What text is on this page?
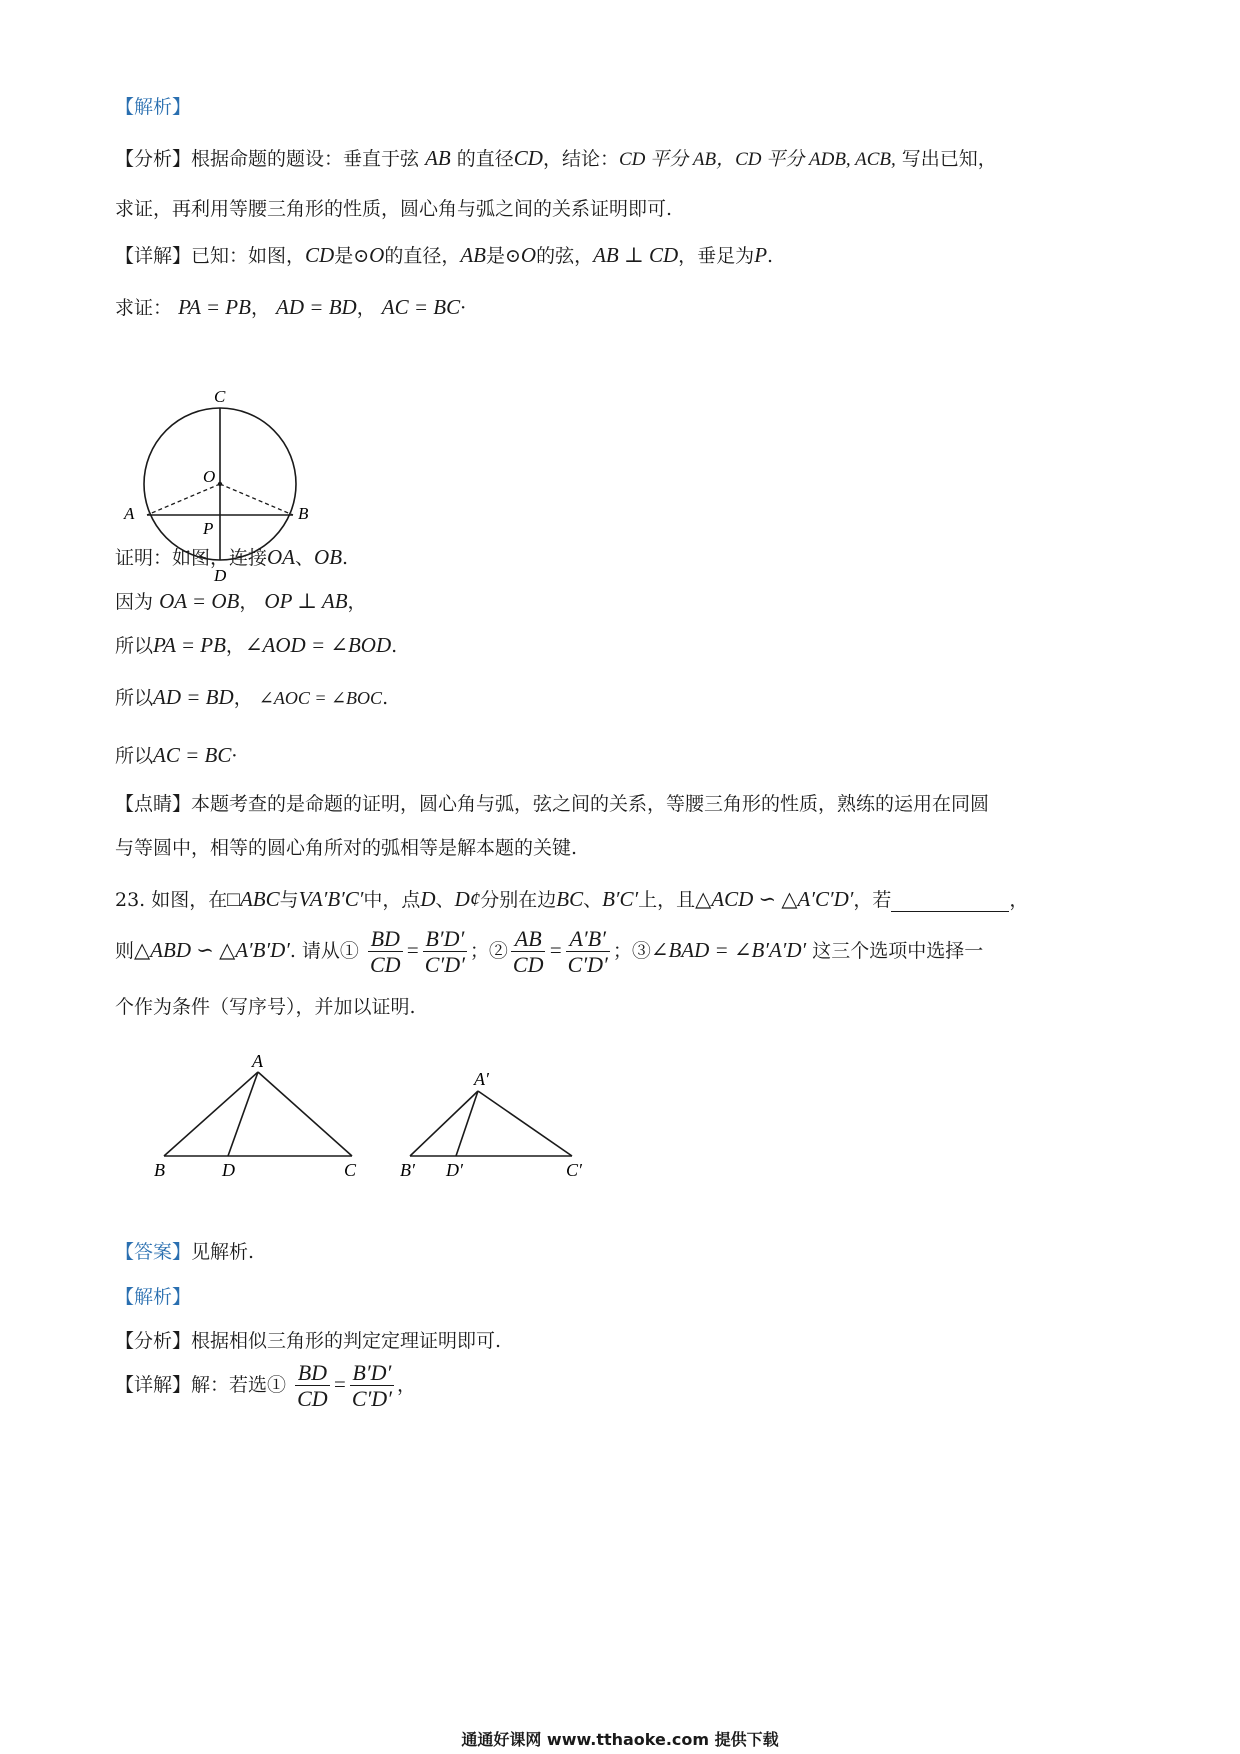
【解析】
【分析】根据命题的题设：垂直于弦 AB 的直径CD，结论：CD 平分 AB，CD 平分 ADB, ACB, 写出已知，
求证，再利用等腰三角形的性质，圆心角与弧之间的关系证明即可.
【详解】已知：如图，CD是⊙O的直径，AB是⊙O的弦，AB ⊥ CD，垂足为P.
求证： PA = PB， AD = BD， AC = BC·
C
O
A
P
B
D
证明：如图，连接OA、OB.
因为 OA = OB， OP ⊥ AB，
所以PA = PB，∠AOD = ∠BOD.
所以AD = BD， ∠AOC = ∠BOC.
所以AC = BC·
【点睛】本题考查的是命题的证明，圆心角与弧，弦之间的关系，等腰三角形的性质，熟练的运用在同圆
与等圆中，相等的圆心角所对的弧相等是解本题的关键.
23. 如图，在□ABC与VA′B′C′中，点D、D¢分别在边BC、B′C′上，且△ACD ∽ △A′C′D′，若	，
则△ABD ∽ △A′B′D′. 请从① $\frac{BD}{CD} = \frac{B'D'}{C'D'}$ ；② $\frac{AB}{CD} = \frac{A'B'}{C'D'}$ ；③∠BAD = ∠B′A′D′ 这三个选项中选择一
个作为条件（写序号），并加以证明.
A
B	D	C
A′
B′ D′	C′
【答案】见解析.
【解析】
【分析】根据相似三角形的判定定理证明即可.
【详解】解：若选① $\frac{BD}{CD} = \frac{B'D'}{C'D'}$ ，
通通好课网 www.tthaoke.com 提供下载
